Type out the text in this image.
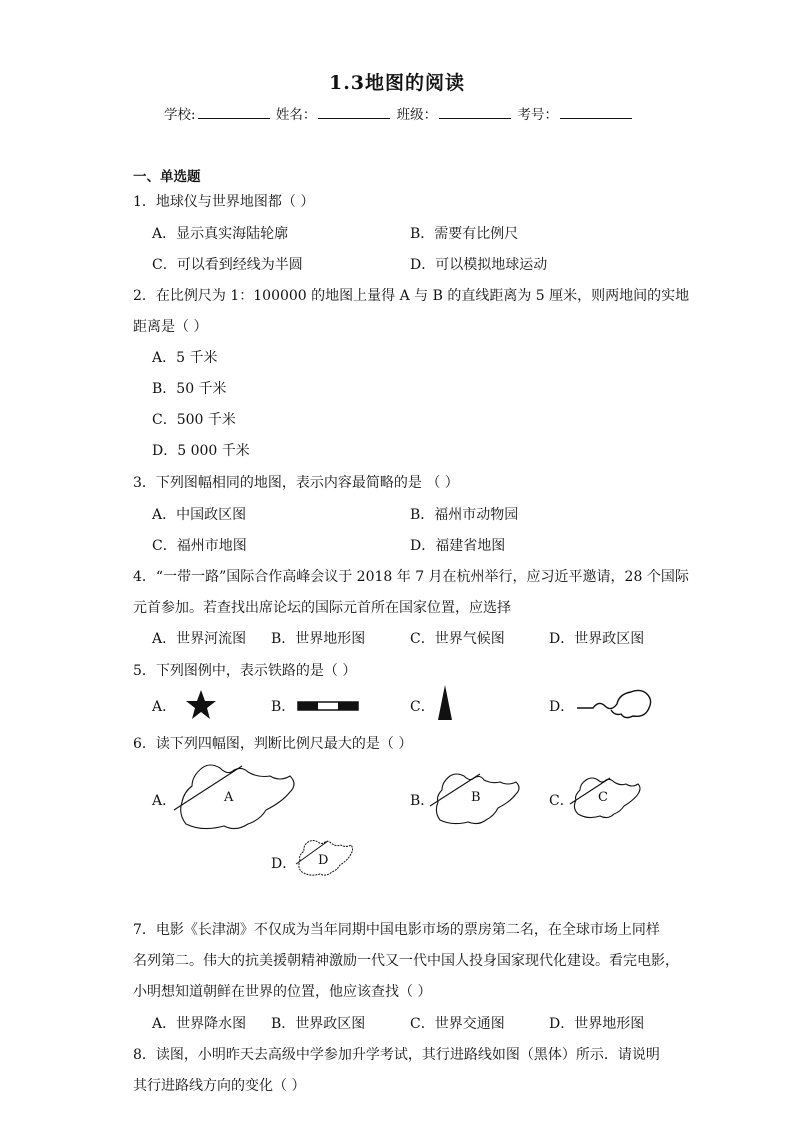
1.3地图的阅读
学校:	姓名：	班级：	考号：
一、单选题
1．地球仪与世界地图都（ ）
A．显示真实海陆轮廓	B．需要有比例尺
C．可以看到经线为半圆	D．可以模拟地球运动
2．在比例尺为 1：100000 的地图上量得 A 与 B 的直线距离为 5 厘米，则两地间的实地
距离是（ ）
A．5 千米
B．50 千米
C．500 千米
D．5 000 千米
3．下列图幅相同的地图，表示内容最简略的是 （ ）
A．中国政区图	B．福州市动物园
C．福州市地图	D．福建省地图
4．“一带一路”国际合作高峰会议于 2018 年 7 月在杭州举行，应习近平邀请，28 个国际
元首参加。若查找出席论坛的国际元首所在国家位置，应选择
A．世界河流图 B．世界地形图	C．世界气候图	D．世界政区图
5．下列图例中，表示铁路的是（ ）
A．	B．	C．	D．
6．读下列四幅图，判断比例尺最大的是（ ）
A．	A	B．	B	C． C
D． D
7．电影《长津湖》不仅成为当年同期中国电影市场的票房第二名，在全球市场上同样
名列第二。伟大的抗美援朝精神激励一代又一代中国人投身国家现代化建设。看完电影，
小明想知道朝鲜在世界的位置，他应该查找（ ）
A．世界降水图 B．世界政区图	C．世界交通图	D．世界地形图
8．读图，小明昨天去高级中学参加升学考试，其行进路线如图（黑体）所示．请说明
其行进路线方向的变化（ ）
